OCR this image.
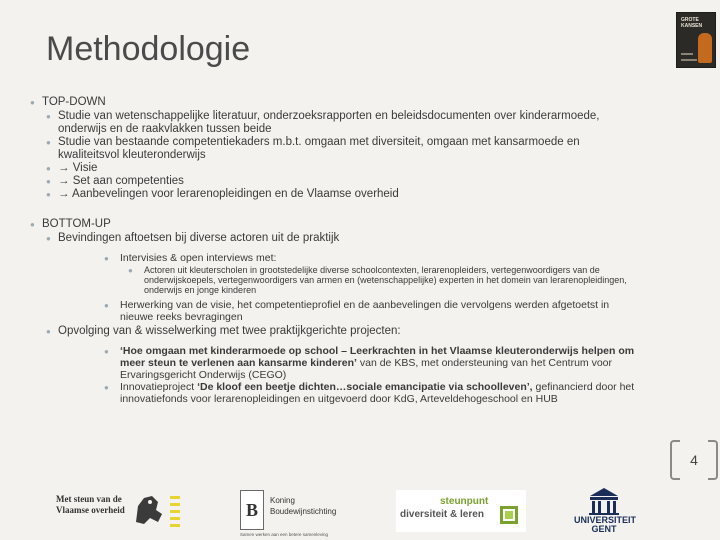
Methodologie
GROTE KANSEN
● TOP-DOWN
● Studie van wetenschappelijke literatuur, onderzoeksrapporten en beleidsdocumenten over kinderarmoede, onderwijs en de raakvlakken tussen beide
● Studie van bestaande competentiekaders m.b.t. omgaan met diversiteit, omgaan met kansarmoede en kwaliteitsvol kleuteronderwijs
● → Visie
● → Set aan competenties
● → Aanbevelingen voor lerarenopleidingen en de Vlaamse overheid
● BOTTOM-UP
● Bevindingen aftoetsen bij diverse actoren uit de praktijk
●	Intervisies & open interviews met:
●	Actoren uit kleuterscholen in grootstedelijke diverse schoolcontexten, lerarenopleiders, vertegenwoordigers van de onderwijskoepels, vertegenwoordigers van armen en (wetenschappelijke) experten in het domein van lerarenopleidingen, onderwijs en jonge kinderen
●	Herwerking van de visie, het competentieprofiel en de aanbevelingen die vervolgens werden afgetoetst in nieuwe reeks bevragingen
● Opvolging van & wisselwerking met twee praktijkgerichte projecten:
●	‘Hoe omgaan met kinderarmoede op school – Leerkrachten in het Vlaamse kleuteronderwijs helpen om meer steun te verlenen aan kansarme kinderen’ van de KBS, met ondersteuning van het Centrum voor Ervaringsgericht Onderwijs (CEGO)
●	Innovatieproject ‘De kloof een beetje dichten…sociale emancipatie via schoolleven’, gefinancierd door het innovatiefonds voor lerarenopleidingen en uitgevoerd door KdG, Arteveldehogeschool en HUB
4
Met steun van de Vlaamse overheid	B	Koning Boudewijnstichting
Samen werken aan een betere samenleving
steunpunt
diversiteit & leren	UNIVERSITEIT GENT
